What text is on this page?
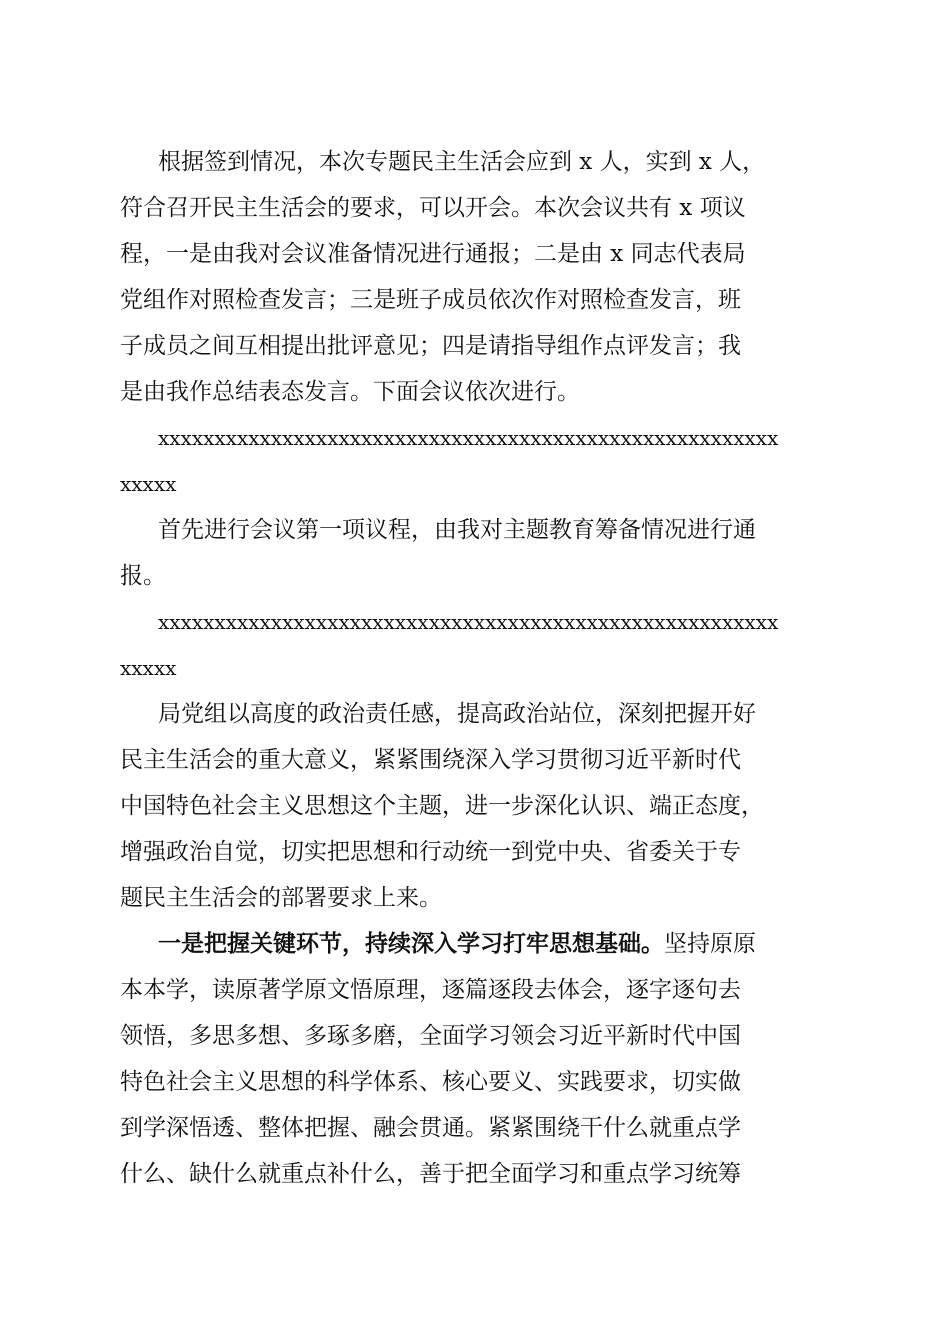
根据签到情况，本次专题民主生活会应到 x 人，实到 x 人，
符合召开民主生活会的要求，可以开会。本次会议共有 x 项议
程，一是由我对会议准备情况进行通报；二是由 x 同志代表局
党组作对照检查发言；三是班子成员依次作对照检查发言，班
子成员之间互相提出批评意见；四是请指导组作点评发言；我
是由我作总结表态发言。下面会议依次进行。
xxxxxxxxxxxxxxxxxxxxxxxxxxxxxxxxxxxxxxxxxxxxxxxxxxxxxxx
xxxxx
首先进行会议第一项议程，由我对主题教育筹备情况进行通
报。
xxxxxxxxxxxxxxxxxxxxxxxxxxxxxxxxxxxxxxxxxxxxxxxxxxxxxxx
xxxxx
局党组以高度的政治责任感，提高政治站位，深刻把握开好
民主生活会的重大意义，紧紧围绕深入学习贯彻习近平新时代
中国特色社会主义思想这个主题，进一步深化认识、端正态度，
增强政治自觉，切实把思想和行动统一到党中央、省委关于专
题民主生活会的部署要求上来。
一是把握关键环节，持续深入学习打牢思想基础。坚持原原
本本学，读原著学原文悟原理，逐篇逐段去体会，逐字逐句去
领悟，多思多想、多琢多磨，全面学习领会习近平新时代中国
特色社会主义思想的科学体系、核心要义、实践要求，切实做
到学深悟透、整体把握、融会贯通。紧紧围绕干什么就重点学
什么、缺什么就重点补什么，善于把全面学习和重点学习统筹
